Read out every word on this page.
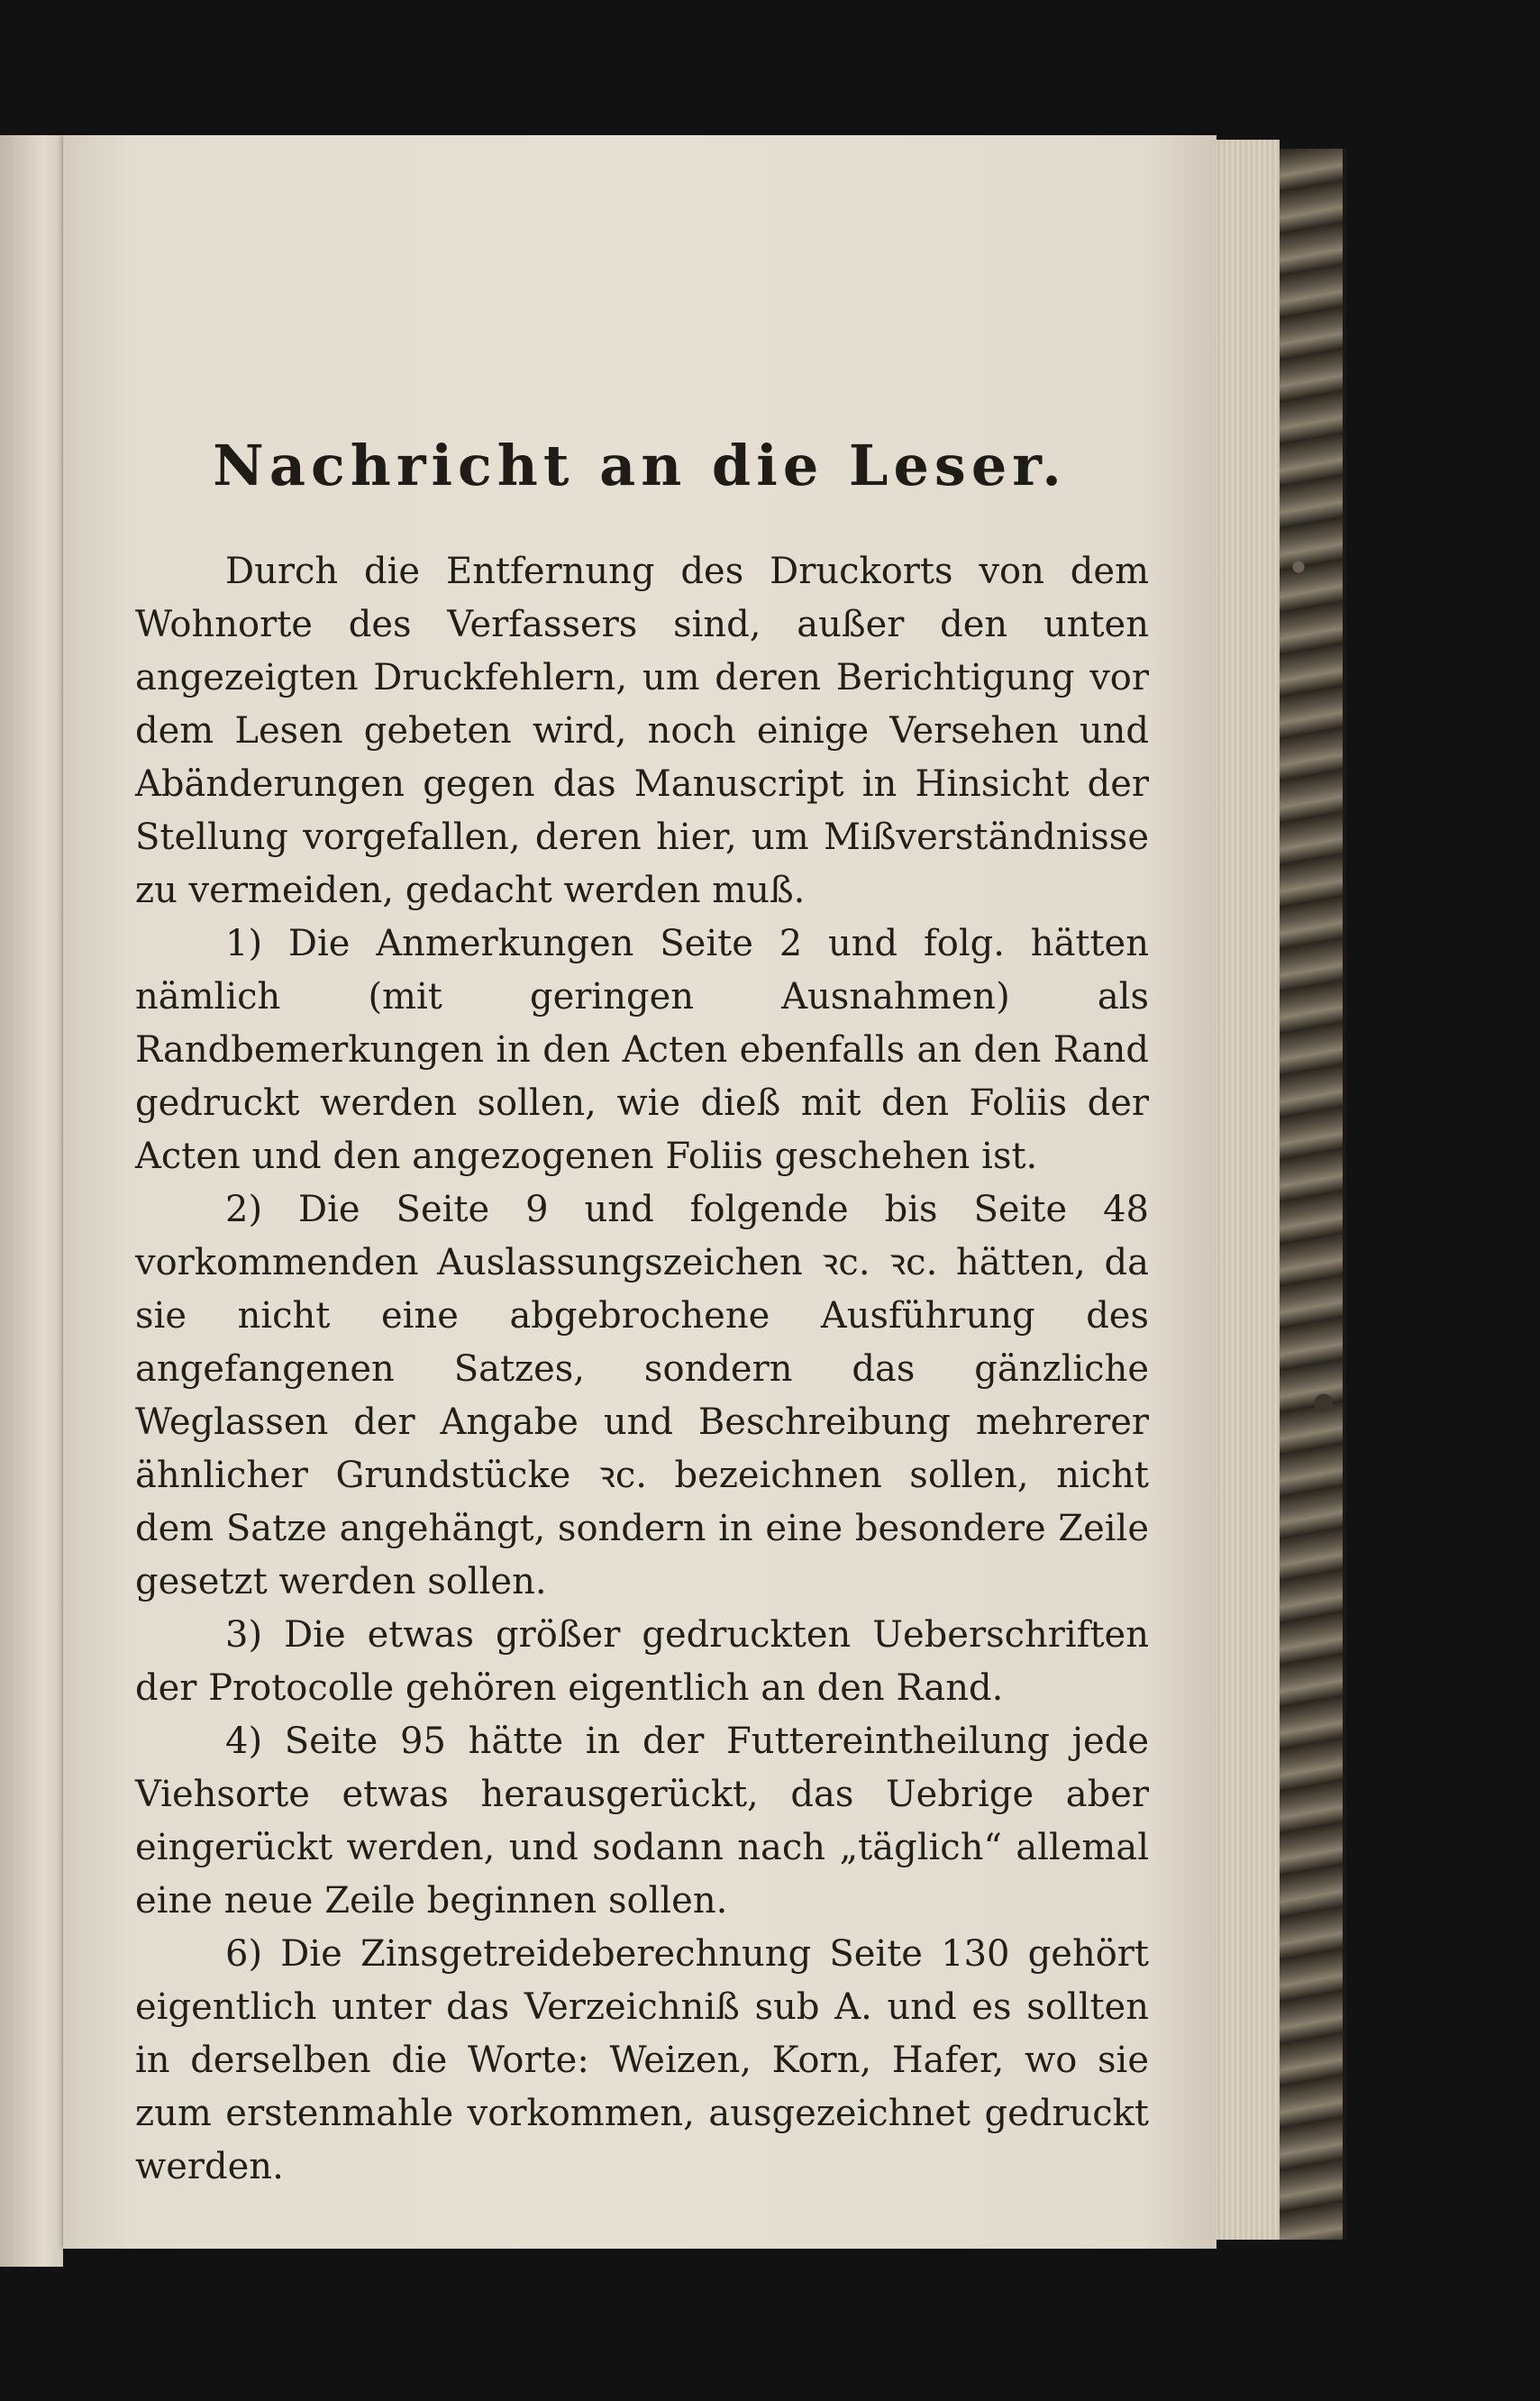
Nachricht an die Leser.

Durch die Entfernung des Druckorts von dem Wohnorte des Verfassers sind, außer den unten angezeigten Druckfehlern, um deren Berichtigung vor dem Lesen gebeten wird, noch einige Versehen und Abänderungen gegen das Manuscript in Hinsicht der Stellung vorgefallen, deren hier, um Mißverständnisse zu vermeiden, gedacht werden muß.

1) Die Anmerkungen Seite 2 und folg. hätten nämlich (mit geringen Ausnahmen) als Randbemerkungen in den Acten ebenfalls an den Rand gedruckt werden sollen, wie dieß mit den Foliis der Acten und den angezogenen Foliis geschehen ist.

2) Die Seite 9 und folgende bis Seite 48 vorkommenden Auslassungszeichen ꝛc. ꝛc. hätten, da sie nicht eine abgebrochene Ausführung des angefangenen Satzes, sondern das gänzliche Weglassen der Angabe und Beschreibung mehrerer ähnlicher Grundstücke ꝛc. bezeichnen sollen, nicht dem Satze angehängt, sondern in eine besondere Zeile gesetzt werden sollen.

3) Die etwas größer gedruckten Ueberschriften der Protocolle gehören eigentlich an den Rand.

4) Seite 95 hätte in der Futtereintheilung jede Viehsorte etwas herausgerückt, das Uebrige aber eingerückt werden, und sodann nach „täglich“ allemal eine neue Zeile beginnen sollen.

6) Die Zinsgetreideberechnung Seite 130 gehört eigentlich unter das Verzeichniß sub A. und es sollten in derselben die Worte: Weizen, Korn, Hafer, wo sie zum erstenmahle vorkommen, ausgezeichnet gedruckt werden.
